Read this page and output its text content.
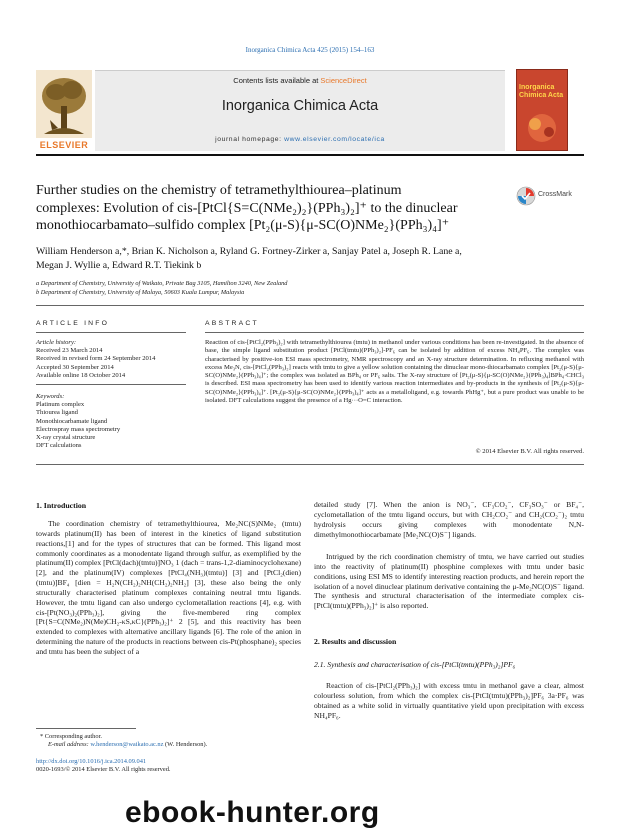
Inorganica Chimica Acta 425 (2015) 154–163
Contents lists available at ScienceDirect
Inorganica Chimica Acta
journal homepage: www.elsevier.com/locate/ica
ELSEVIER
Inorganica Chimica Acta
Further studies on the chemistry of tetramethylthiourea–platinum
complexes: Evolution of cis-[PtCl{S=C(NMe₂)₂}(PPh₃)₂]⁺ to the dinuclear
monothiocarbamato–sulfido complex [Pt₂(μ-S){μ-SC(O)NMe₂}(PPh₃)₄]⁺
CrossMark
William Henderson a,*, Brian K. Nicholson a, Ryland G. Fortney-Zirker a, Sanjay Patel a, Joseph R. Lane a,
Megan J. Wyllie a, Edward R.T. Tiekink b
a Department of Chemistry, University of Waikato, Private Bag 3105, Hamilton 3240, New Zealand
b Department of Chemistry, University of Malaya, 50603 Kuala Lumpur, Malaysia
ARTICLE INFO	ABSTRACT
Article history:
Received 23 March 2014
Received in revised form 24 September 2014
Accepted 30 September 2014
Available online 18 October 2014
Keywords:
Platinum complex
Thiourea ligand
Monothiocarbamate ligand
Electrospray mass spectrometry
X-ray crystal structure
DFT calculations
Reaction of cis-[PtCl₂(PPh₃)₂] with tetramethylthiourea (tmtu) in methanol under various conditions has been re-investigated. In the absence of base, the simple ligand substitution product [PtCl(tmtu)(PPh₃)₂]-PF₆ can be isolated by addition of excess NH₄PF₆. The complex was characterised by positive-ion ESI mass spectrometry, NMR spectroscopy and an X-ray structure determination. In refluxing methanol with excess Me₃N, cis-[PtCl₂(PPh₃)₂] reacts with tmtu to give a yellow solution containing the dinuclear mono-thiocarbamato complex [Pt₂(μ-S){μ-SC(O)NMe₂}(PPh₃)₄]⁺; the complex was isolated as BPh₄ or PF₆ salts. The X-ray structure of [Pt₂(μ-S){μ-SC(O)NMe₂}(PPh₃)₄]BPh₄·CHCl₃ is described. ESI mass spectrometry has been used to identify various reaction intermediates and by-products in the synthesis of [Pt₂(μ-S){μ-SC(O)NMe₂}(PPh₃)₄]⁺. [Pt₂(μ-S){μ-SC(O)NMe₂}(PPh₃)₄]⁺ acts as a metalloligand, e.g. towards PhHg⁺, but a pure product was unable to be isolated. DFT calculations suggest the presence of a Hg···O=C interaction.
© 2014 Elsevier B.V. All rights reserved.
1. Introduction
The coordination chemistry of tetramethylthiourea, Me₂NC(S)NMe₂ (tmtu) towards platinum(II) has been of interest in the kinetics of ligand substitution reactions,[1] and for the types of structures that can be formed. This ligand most commonly coordinates as a monodentate ligand through sulfur, as exemplified by the platinum(II) complex [PtCl(dach)(tmtu)]NO₃ 1 (dach = trans-1,2-diaminocyclohexane) [2], and the platinum(IV) complexes [PtCl₄(NH₃)(tmtu)] [3] and [PtCl₂(dien)(tmtu)]BF₄ [dien = H₂N(CH₂)₂NH(CH₂)₂NH₂] [3], these also being the only structurally characterised platinum complexes containing neutral tmtu ligands. However, the tmtu ligand can also undergo cyclometallation reactions [4], e.g. with cis-[Pt(NO₃)₂(PPh₃)₂], giving the five-membered ring complex [Pt{S=C(NMe₂)N(Me)CH₂-κS,κC}(PPh₃)₂]⁺ 2 [5], and this reactivity has been extended to complexes with alternative ancillary ligands [6]. The role of the anion in determining the nature of the products in reactions between cis-Pt(phosphane)₂ species and tmtu has been the subject of a
detailed study [7]. When the anion is NO₃⁻, CF₃CO₂⁻, CF₃SO₃⁻ or BF₄⁻, cyclometallation of the tmtu ligand occurs, but with CH₂CO₂⁻ and CH₂(CO₂⁻)₂ tmtu hydrolysis occurs giving complexes with monodentate N,N-dimethylmonothiocarbamate [Me₂NC(O)S⁻] ligands.
Intrigued by the rich coordination chemistry of tmtu, we have carried out studies into the reactivity of platinum(II) phosphine complexes with tmtu under basic conditions, using ESI MS to identify interesting reaction products, and herein report the isolation of a novel dinuclear platinum derivative containing the μ-Me₂NC(O)S⁻ ligand. The synthesis and structural characterisation of the intermediate complex cis-[PtCl(tmtu)(PPh₃)₂]⁺ is also reported.
2. Results and discussion
2.1. Synthesis and characterisation of cis-[PtCl(tmtu)(PPh₃)₂]PF₆
Reaction of cis-[PtCl₂(PPh₃)₂] with excess tmtu in methanol gave a clear, almost colourless solution, from which the complex cis-[PtCl(tmtu)(PPh₃)₂]PF₆ 3a·PF₆ was obtained as a white solid in virtually quantitative yield upon precipitation with excess NH₄PF₆.
* Corresponding author.
E-mail address: w.henderson@waikato.ac.nz (W. Henderson).
http://dx.doi.org/10.1016/j.ica.2014.09.041
0020-1693/© 2014 Elsevier B.V. All rights reserved.
ebook-hunter.org
